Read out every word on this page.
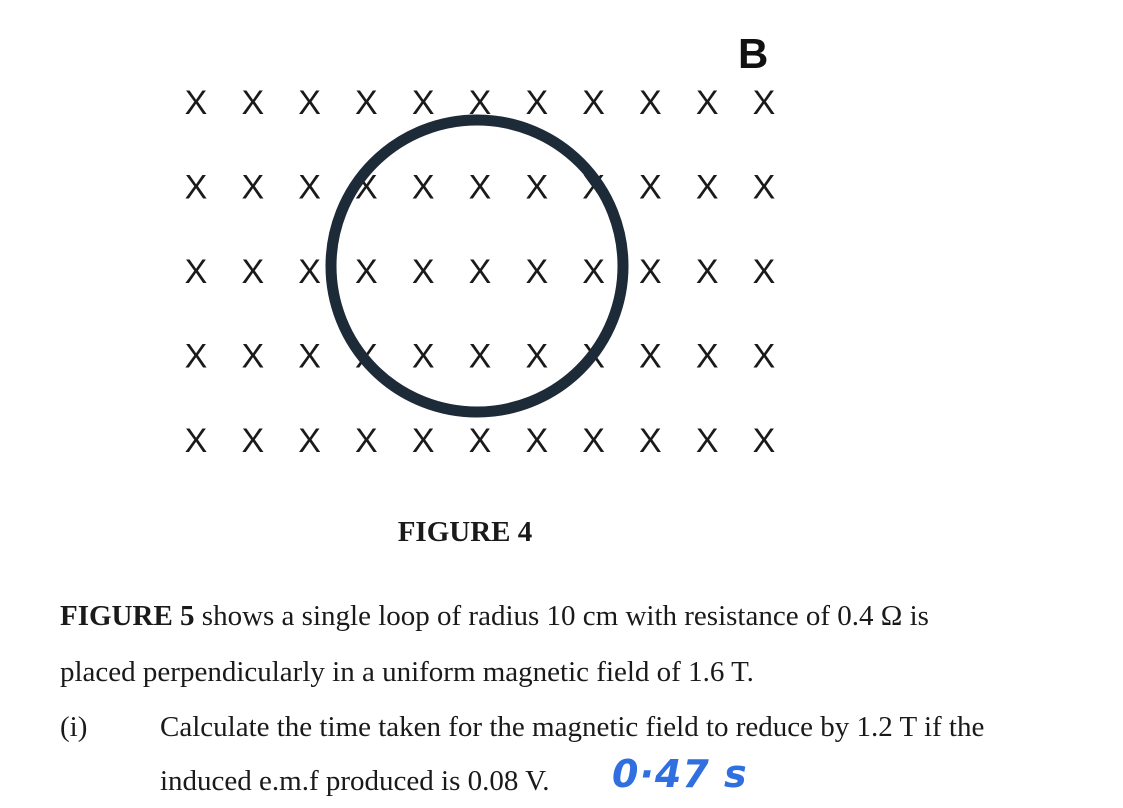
X X X X X X X X X X X
X X X X X X X X X X X
X X X X X X X X X X X
X X X X X X X X X X X
X X X X X X X X X X X
B
FIGURE 4
FIGURE 5 shows a single loop of radius 10 cm with resistance of 0.4 Ω is
placed perpendicularly in a uniform magnetic field of 1.6 T.
(i)	Calculate the time taken for the magnetic field to reduce by 1.2 T if the
induced e.m.f produced is 0.08 V. 0·47 s
